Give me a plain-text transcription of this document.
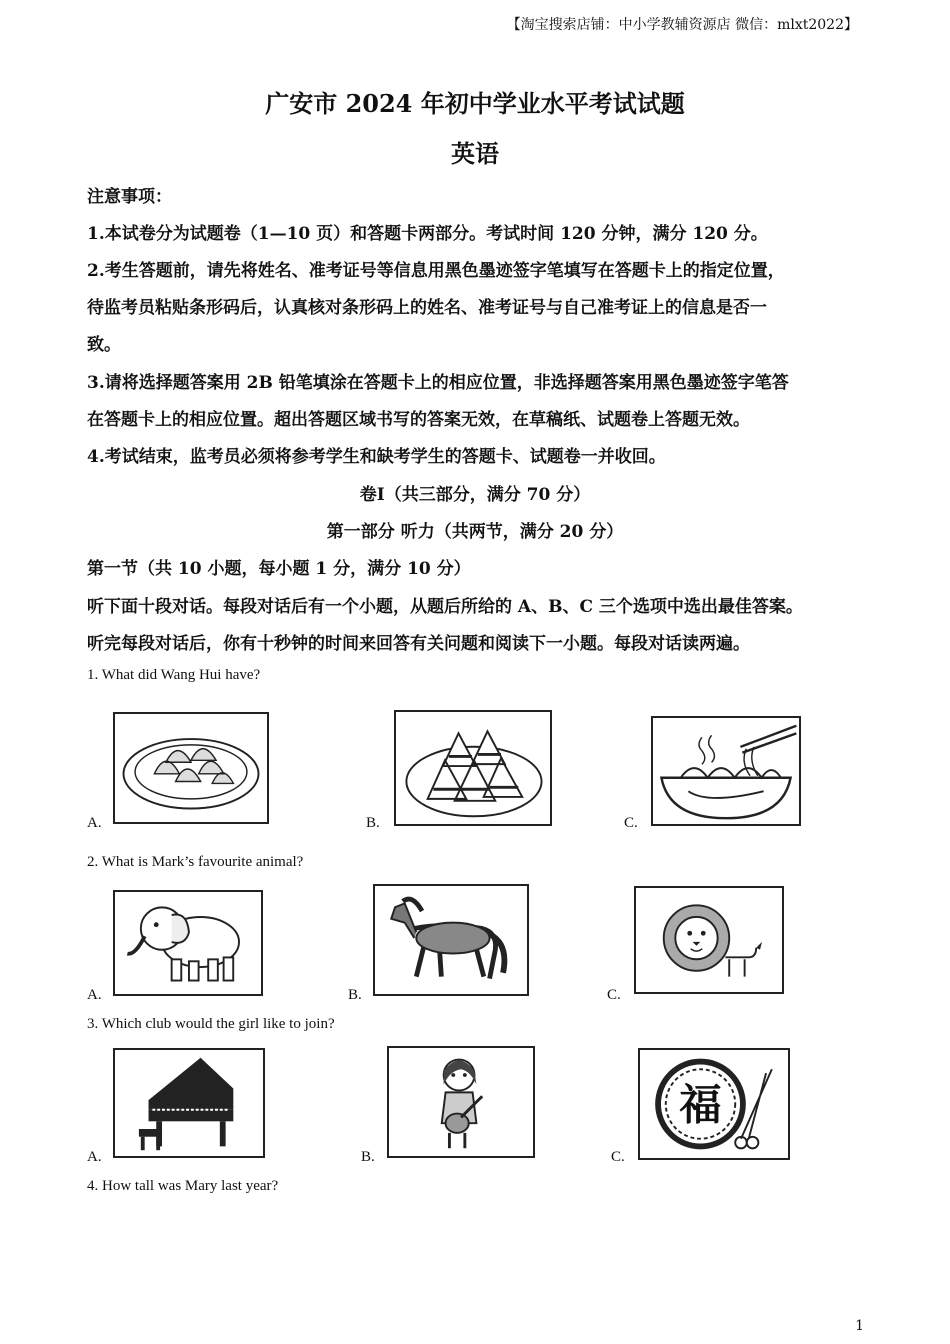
【淘宝搜索店铺：中小学教辅资源店 微信：mlxt2022】
广安市 2024 年初中学业水平考试试题
英语
注意事项：
1.本试卷分为试题卷（1—10 页）和答题卡两部分。考试时间 120 分钟，满分 120 分。
2.考生答题前，请先将姓名、准考证号等信息用黑色墨迹签字笔填写在答题卡上的指定位置，
待监考员粘贴条形码后，认真核对条形码上的姓名、准考证号与自己准考证上的信息是否一
致。
3.请将选择题答案用 2B 铅笔填涂在答题卡上的相应位置，非选择题答案用黑色墨迹签字笔答
在答题卡上的相应位置。超出答题区域书写的答案无效，在草稿纸、试题卷上答题无效。
4.考试结束，监考员必须将参考学生和缺考学生的答题卡、试题卷一并收回。
卷Ⅰ（共三部分，满分 70 分）
第一部分 听力（共两节，满分 20 分）
第一节（共 10 小题，每小题 1 分，满分 10 分）
听下面十段对话。每段对话后有一个小题，从题后所给的 A、B、C 三个选项中选出最佳答案。
听完每段对话后，你有十秒钟的时间来回答有关问题和阅读下一小题。每段对话读两遍。
1. What did Wang Hui have?
A.	B.	C.
2. What is Mark’s favourite animal?
A.	B.	C.
3. Which club would the girl like to join?
A.	B.	C.
福
4. How tall was Mary last year?
1
